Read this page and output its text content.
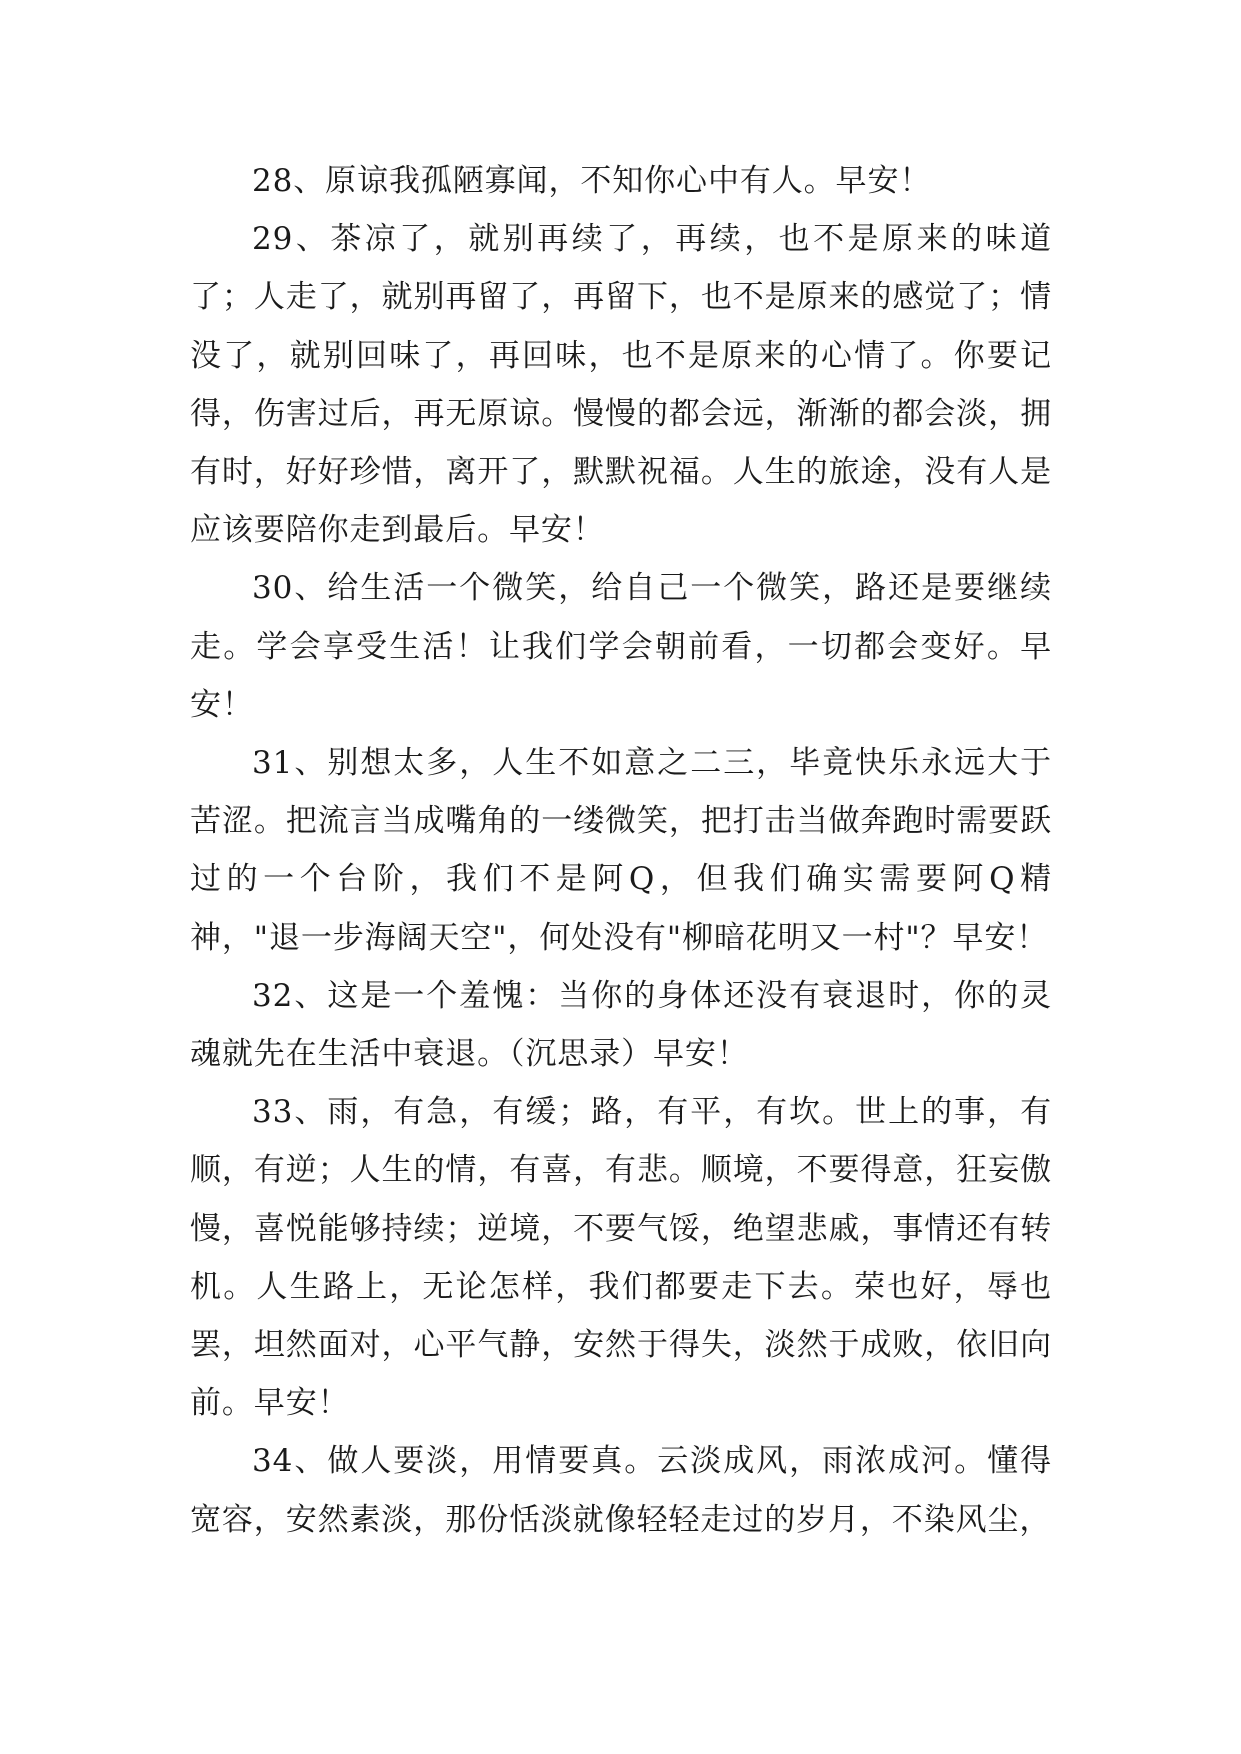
28、原谅我孤陋寡闻，不知你心中有人。早安！

29、茶凉了，就别再续了，再续，也不是原来的味道了；人走了，就别再留了，再留下，也不是原来的感觉了；情没了，就别回味了，再回味，也不是原来的心情了。你要记得，伤害过后，再无原谅。慢慢的都会远，渐渐的都会淡，拥有时，好好珍惜，离开了，默默祝福。人生的旅途，没有人是应该要陪你走到最后。早安！

30、给生活一个微笑，给自己一个微笑，路还是要继续走。学会享受生活！让我们学会朝前看，一切都会变好。早安！

31、别想太多，人生不如意之二三，毕竟快乐永远大于苦涩。把流言当成嘴角的一缕微笑，把打击当做奔跑时需要跃过的一个台阶，我们不是阿Q，但我们确实需要阿Q精神，"退一步海阔天空"，何处没有"柳暗花明又一村"？早安！

32、这是一个羞愧：当你的身体还没有衰退时，你的灵魂就先在生活中衰退。（沉思录）早安！

33、雨，有急，有缓；路，有平，有坎。世上的事，有顺，有逆；人生的情，有喜，有悲。顺境，不要得意，狂妄傲慢，喜悦能够持续；逆境，不要气馁，绝望悲戚，事情还有转机。人生路上，无论怎样，我们都要走下去。荣也好，辱也罢，坦然面对，心平气静，安然于得失，淡然于成败，依旧向前。早安！

34、做人要淡，用情要真。云淡成风，雨浓成河。懂得宽容，安然素淡，那份恬淡就像轻轻走过的岁月，不染风尘，
